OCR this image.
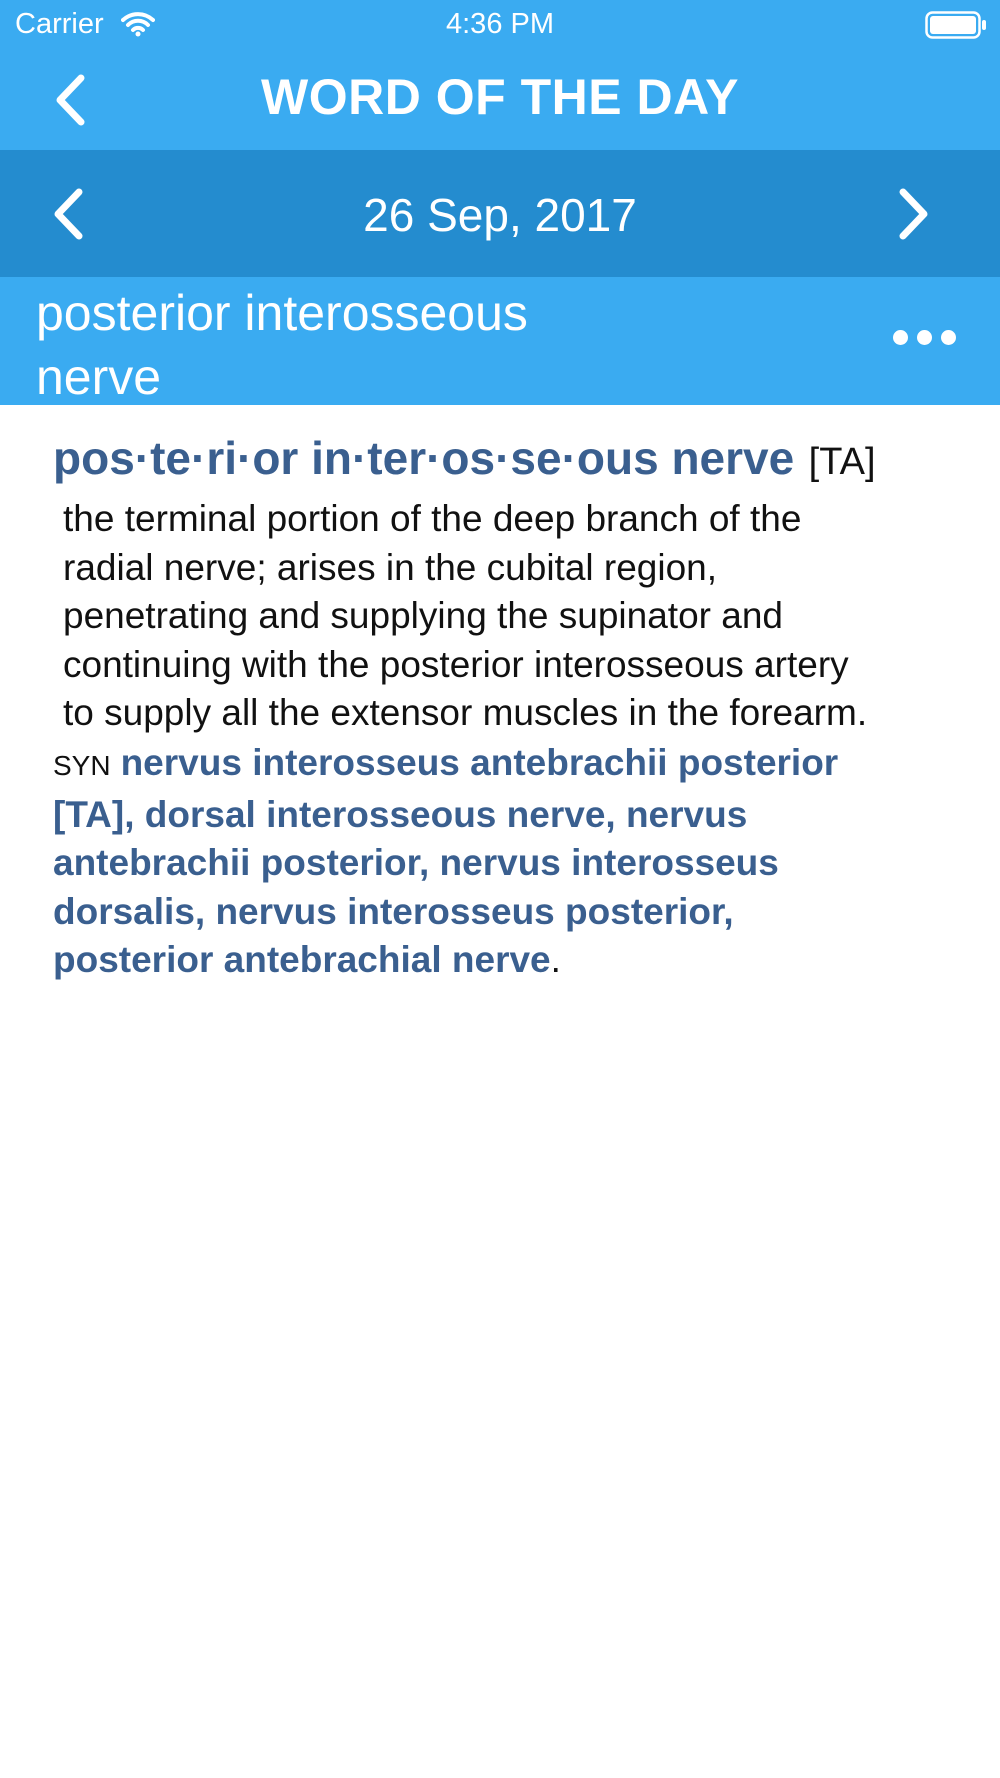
Carrier	4:36 PM
WORD OF THE DAY
26 Sep, 2017
posterior interosseous
nerve
pos·te·ri·or in·ter·os·se·ous nerve [TA]
the terminal portion of the deep branch of the
radial nerve; arises in the cubital region,
penetrating and supplying the supinator and
continuing with the posterior interosseous artery
to supply all the extensor muscles in the forearm.
SYN nervus interosseus antebrachii posterior
[TA], dorsal interosseous nerve, nervus
antebrachii posterior, nervus interosseus
dorsalis, nervus interosseus posterior,
posterior antebrachial nerve.
